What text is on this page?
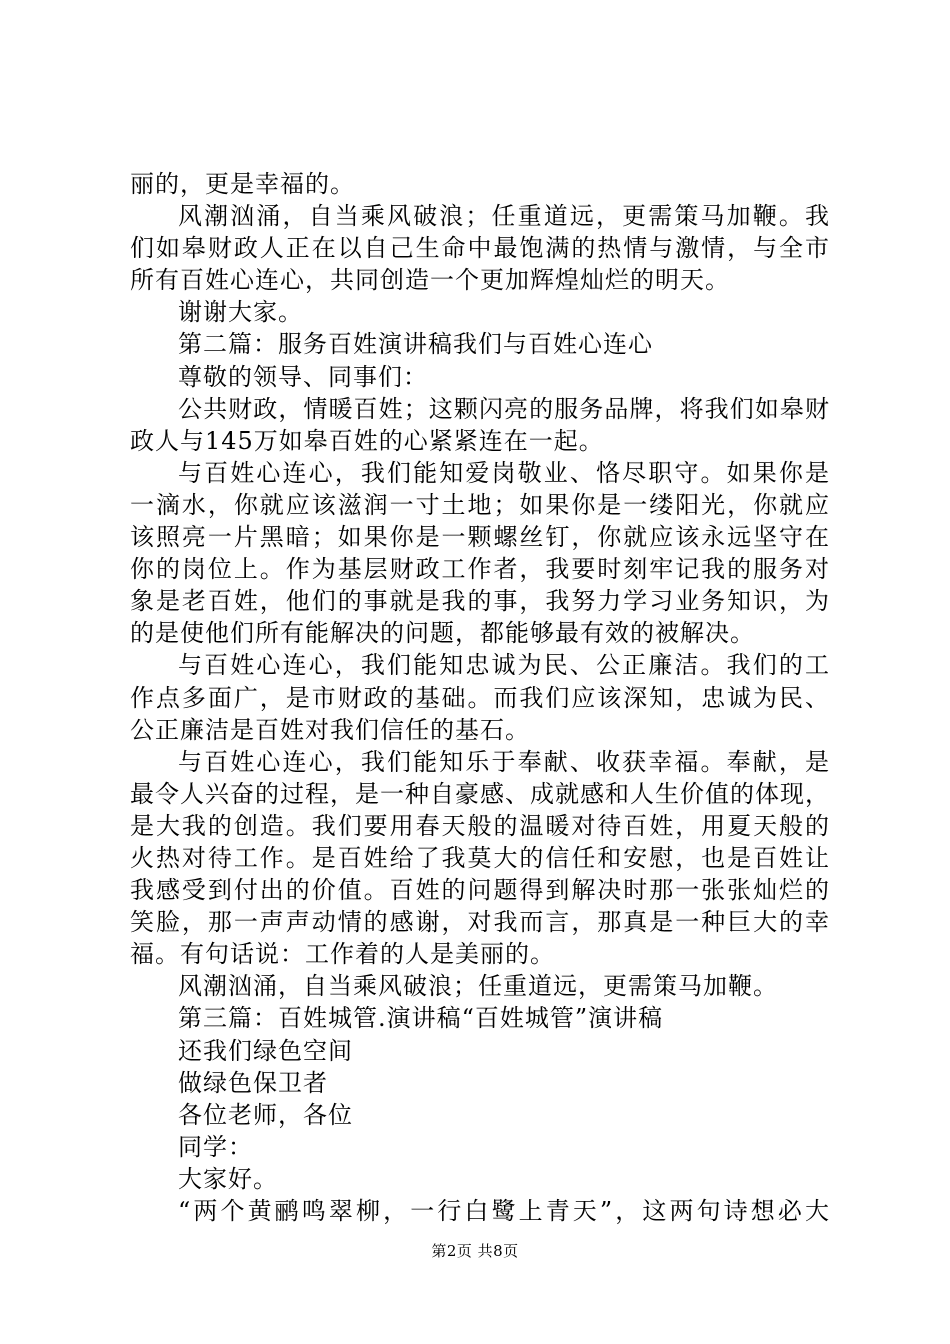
丽的，更是幸福的。
风潮汹涌，自当乘风破浪；任重道远，更需策马加鞭。我
们如皋财政人正在以自己生命中最饱满的热情与激情，与全市
所有百姓心连心，共同创造一个更加辉煌灿烂的明天。
谢谢大家。
第二篇：服务百姓演讲稿我们与百姓心连心
尊敬的领导、同事们：
公共财政，情暖百姓；这颗闪亮的服务品牌，将我们如皋财
政人与145万如皋百姓的心紧紧连在一起。
与百姓心连心，我们能知爱岗敬业、恪尽职守。如果你是
一滴水，你就应该滋润一寸土地；如果你是一缕阳光，你就应
该照亮一片黑暗；如果你是一颗螺丝钉，你就应该永远坚守在
你的岗位上。作为基层财政工作者，我要时刻牢记我的服务对
象是老百姓，他们的事就是我的事，我努力学习业务知识，为
的是使他们所有能解决的问题，都能够最有效的被解决。
与百姓心连心，我们能知忠诚为民、公正廉洁。我们的工
作点多面广，是市财政的基础。而我们应该深知，忠诚为民、
公正廉洁是百姓对我们信任的基石。
与百姓心连心，我们能知乐于奉献、收获幸福。奉献，是
最令人兴奋的过程，是一种自豪感、成就感和人生价值的体现，
是大我的创造。我们要用春天般的温暖对待百姓，用夏天般的
火热对待工作。是百姓给了我莫大的信任和安慰，也是百姓让
我感受到付出的价值。百姓的问题得到解决时那一张张灿烂的
笑脸，那一声声动情的感谢，对我而言，那真是一种巨大的幸
福。有句话说：工作着的人是美丽的。
风潮汹涌，自当乘风破浪；任重道远，更需策马加鞭。
第三篇：百姓城管.演讲稿“百姓城管”演讲稿
还我们绿色空间
做绿色保卫者
各位老师，各位
同学：
大家好。
“两个黄鹂鸣翠柳，一行白鹭上青天”，这两句诗想必大
第2页 共8页
